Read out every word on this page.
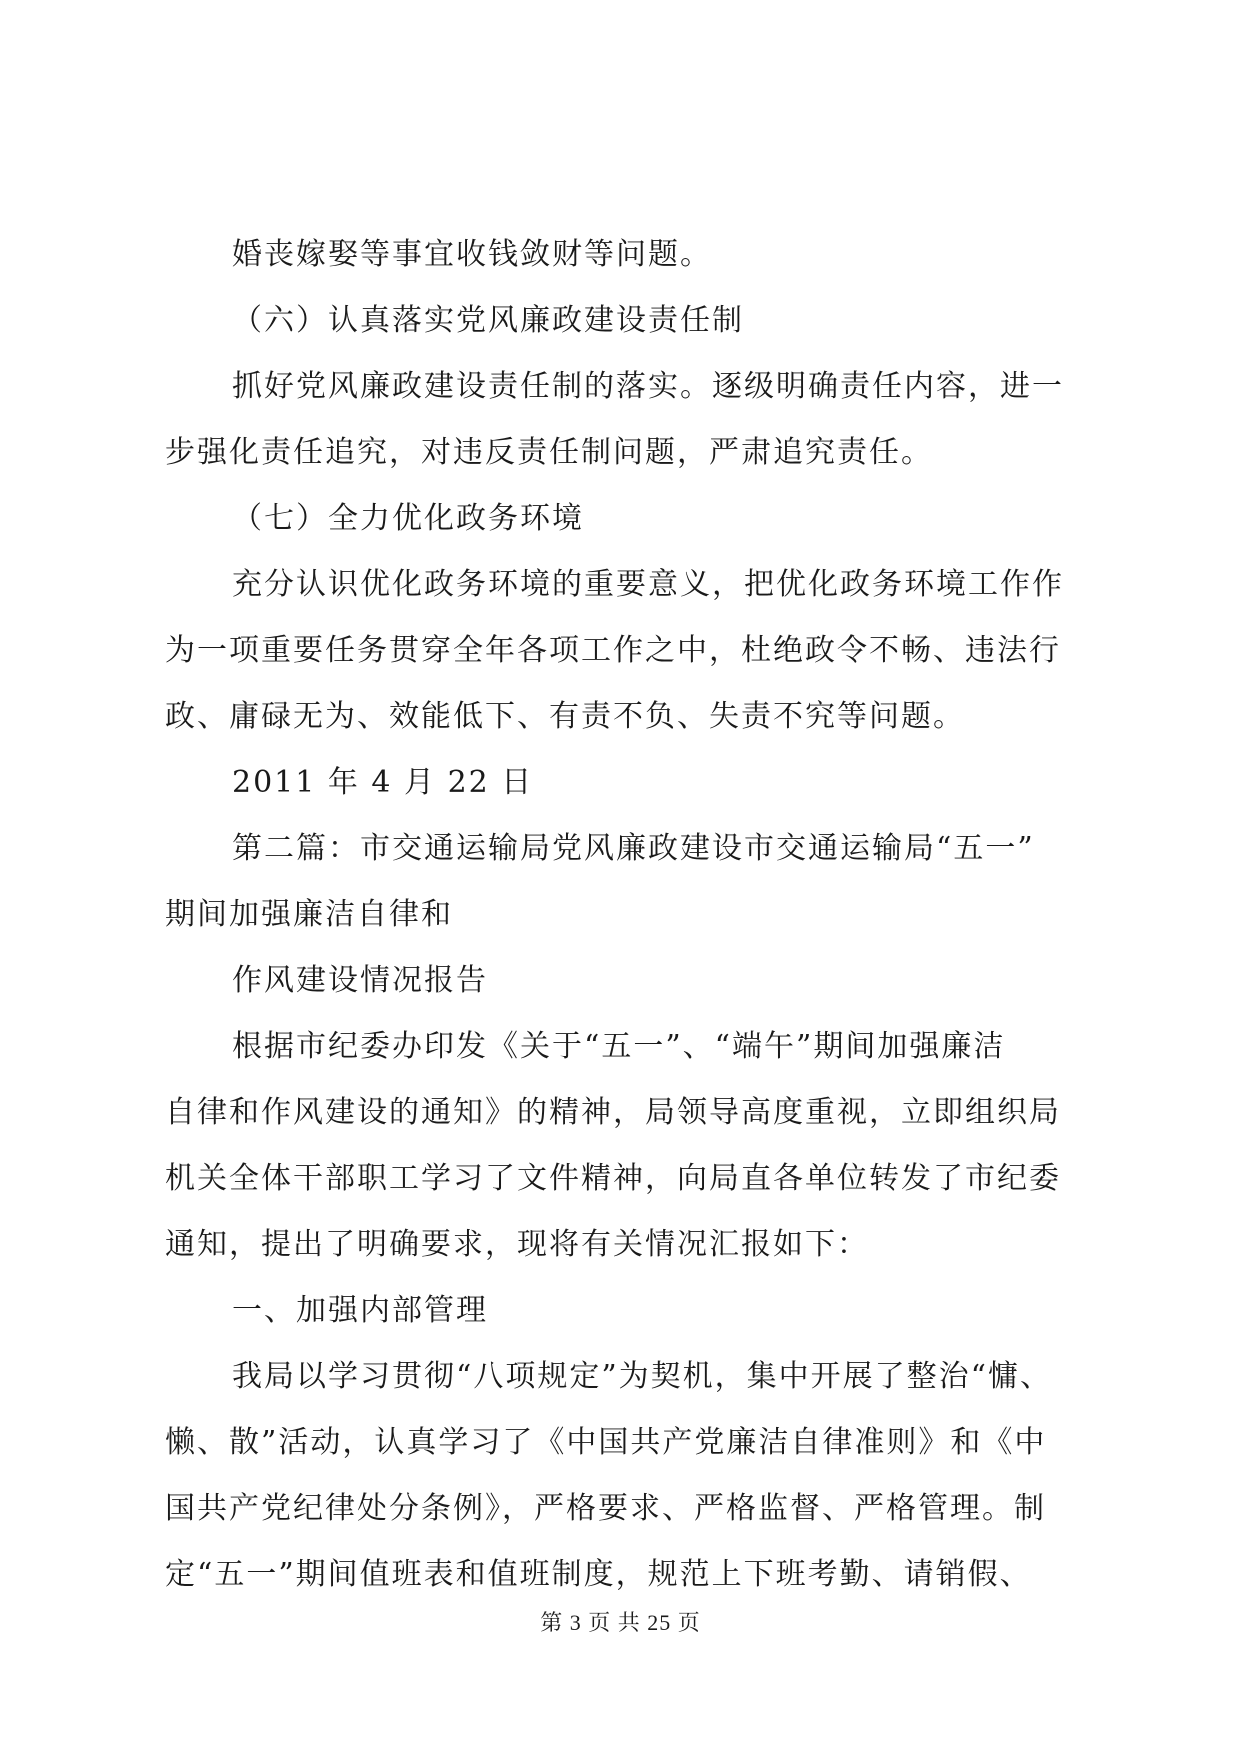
婚丧嫁娶等事宜收钱敛财等问题。
（六）认真落实党风廉政建设责任制
抓好党风廉政建设责任制的落实。逐级明确责任内容，进一
步强化责任追究，对违反责任制问题，严肃追究责任。
（七）全力优化政务环境
充分认识优化政务环境的重要意义，把优化政务环境工作作
为一项重要任务贯穿全年各项工作之中，杜绝政令不畅、违法行
政、庸碌无为、效能低下、有责不负、失责不究等问题。
2011 年 4 月 22 日
第二篇：市交通运输局党风廉政建设市交通运输局“五一”
期间加强廉洁自律和
作风建设情况报告
根据市纪委办印发《关于“五一”、“端午”期间加强廉洁
自律和作风建设的通知》的精神，局领导高度重视，立即组织局
机关全体干部职工学习了文件精神，向局直各单位转发了市纪委
通知，提出了明确要求，现将有关情况汇报如下：
一、加强内部管理
我局以学习贯彻“八项规定”为契机，集中开展了整治“慵、
懒、散”活动，认真学习了《中国共产党廉洁自律准则》和《中
国共产党纪律处分条例》，严格要求、严格监督、严格管理。制
定“五一”期间值班表和值班制度，规范上下班考勤、请销假、
第 3 页 共 25 页
